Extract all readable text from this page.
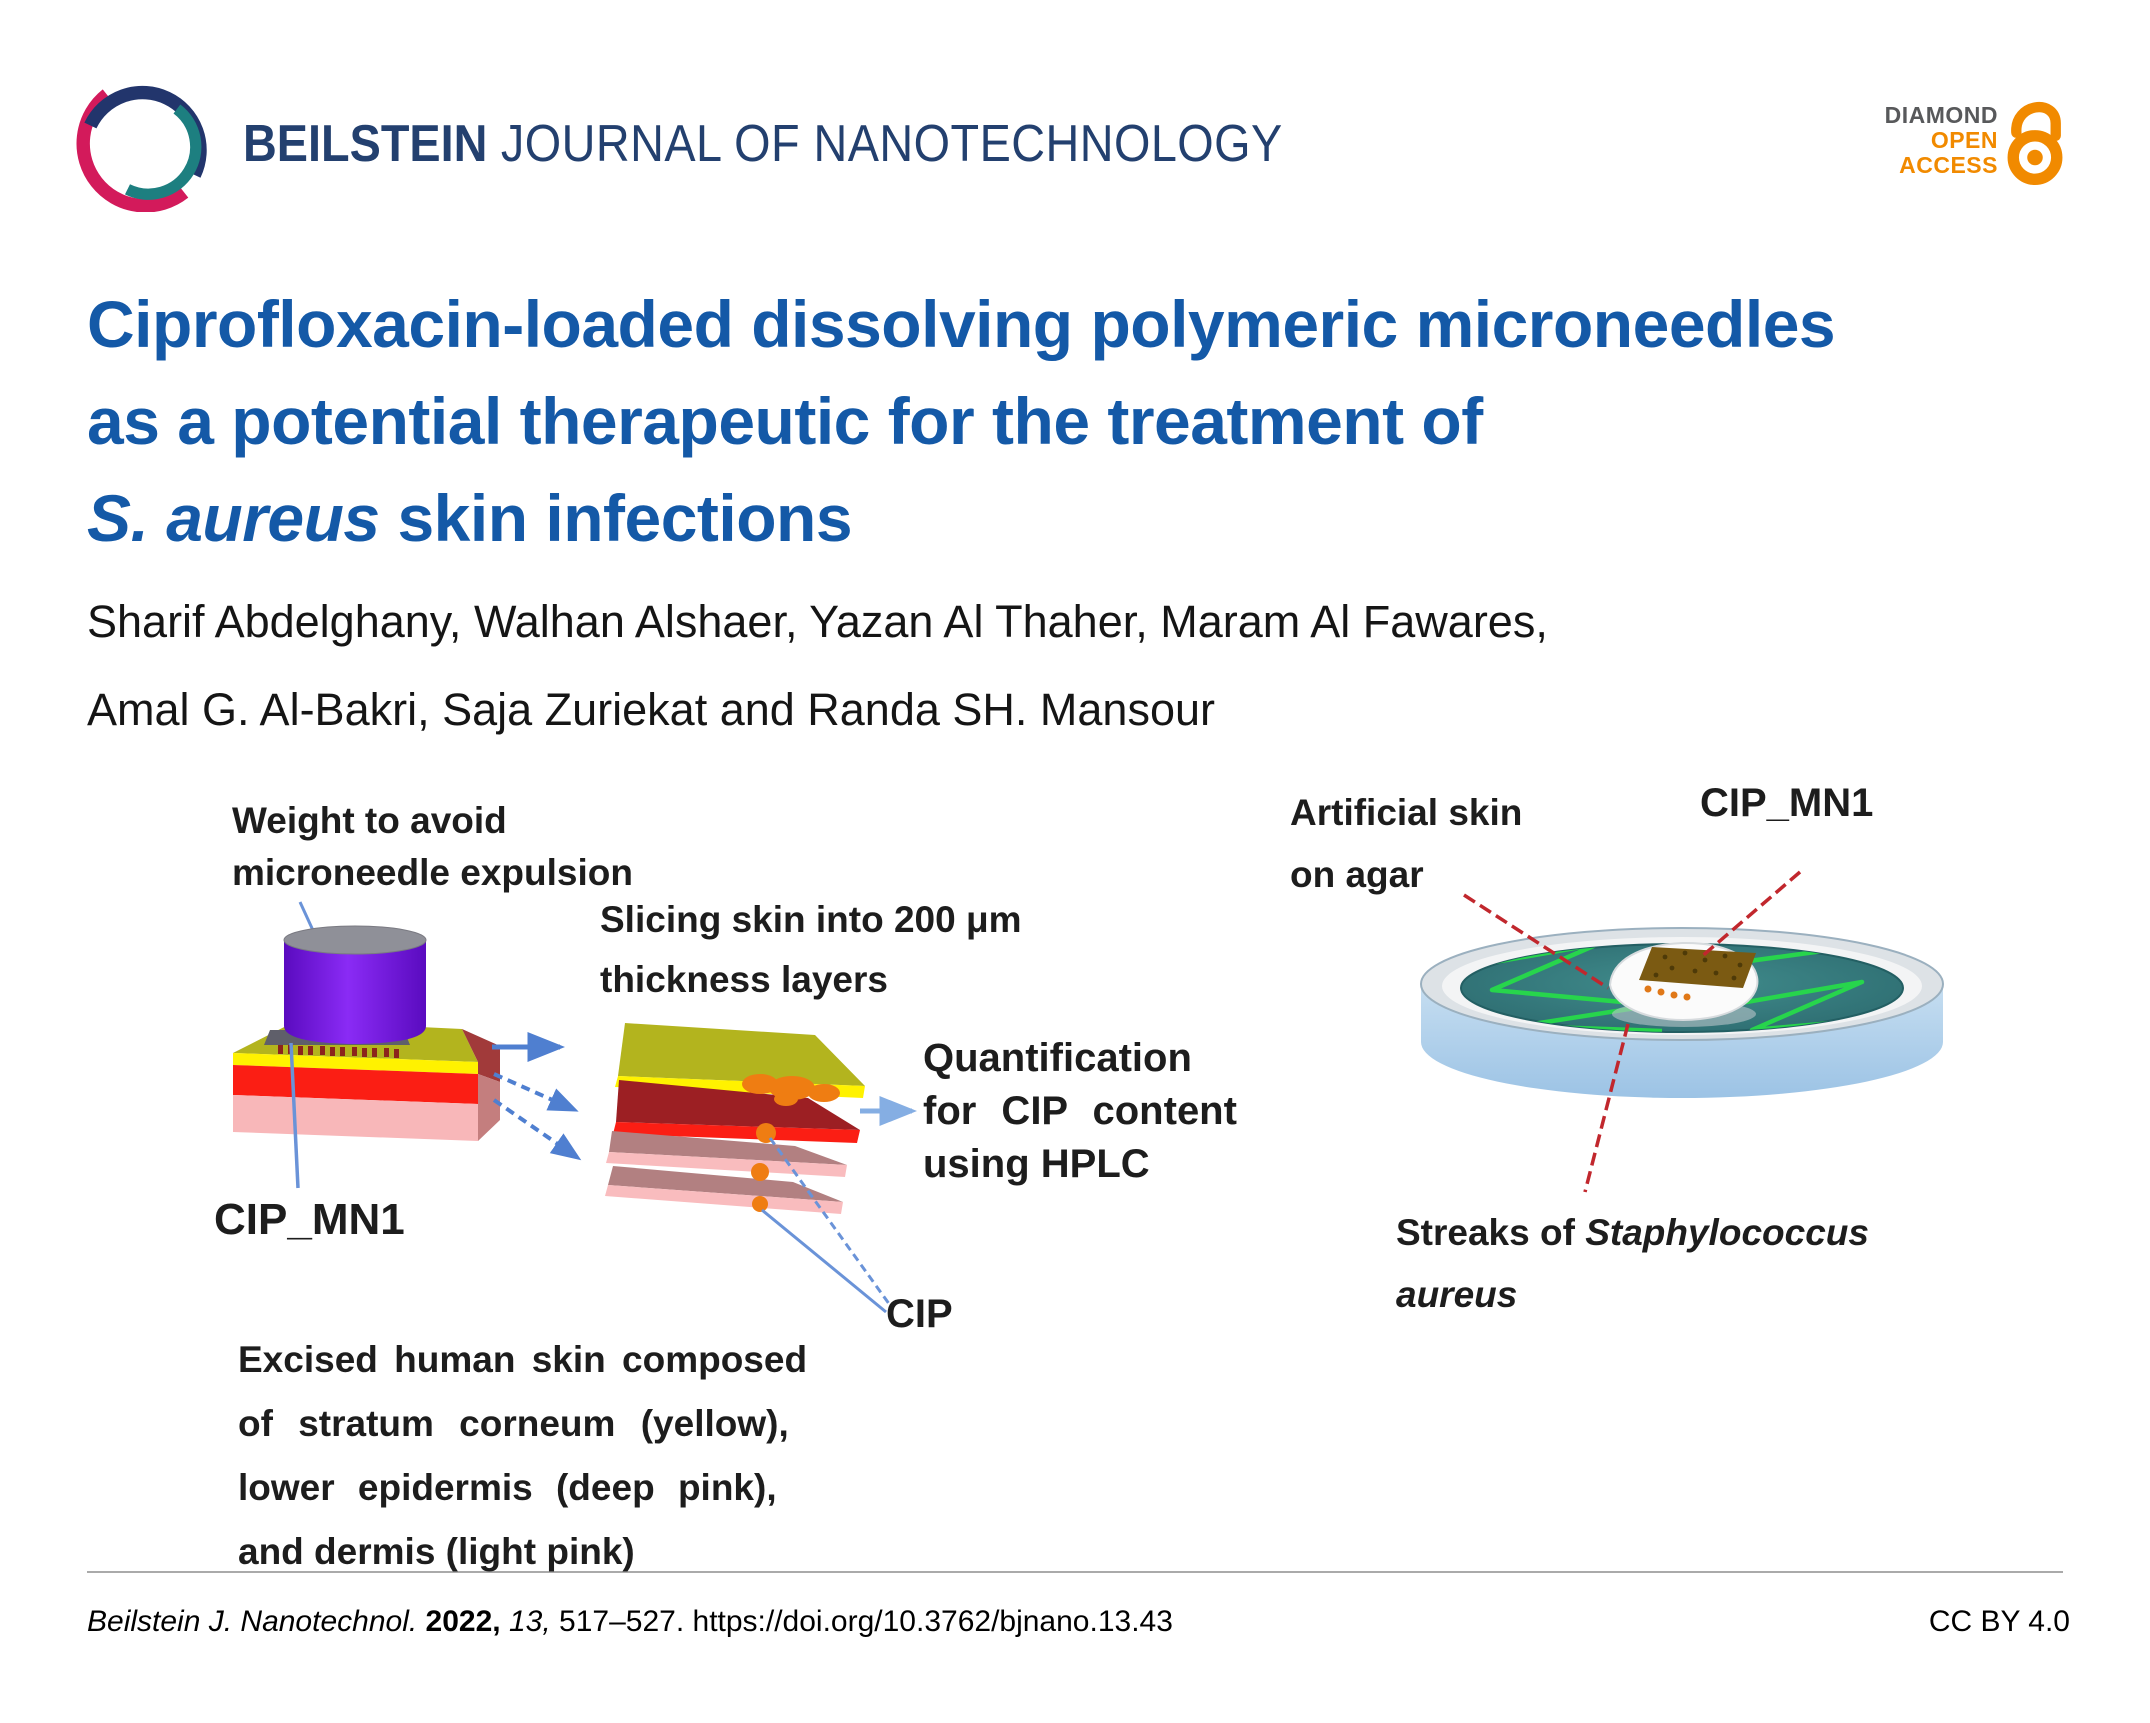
BEILSTEIN JOURNAL OF NANOTECHNOLOGY	DIAMOND
OPEN
ACCESS
Ciprofloxacin-loaded dissolving polymeric microneedles
as a potential therapeutic for the treatment of
S. aureus skin infections
Sharif Abdelghany, Walhan Alshaer, Yazan Al Thaher, Maram Al Fawares,
Amal G. Al-Bakri, Saja Zuriekat and Randa SH. Mansour
Weight to avoid
microneedle expulsion
Slicing skin into 200 μm
thickness layers
Quantification
for CIP content
using HPLC
CIP_MN1
CIP
Excised human skin composed
of stratum corneum (yellow),
lower epidermis (deep pink),
and dermis (light pink)
Artificial skin
on agar
CIP_MN1
Streaks of Staphylococcus
aureus
Beilstein J. Nanotechnol. 2022, 13, 517–527. https://doi.org/10.3762/bjnano.13.43	CC BY 4.0
